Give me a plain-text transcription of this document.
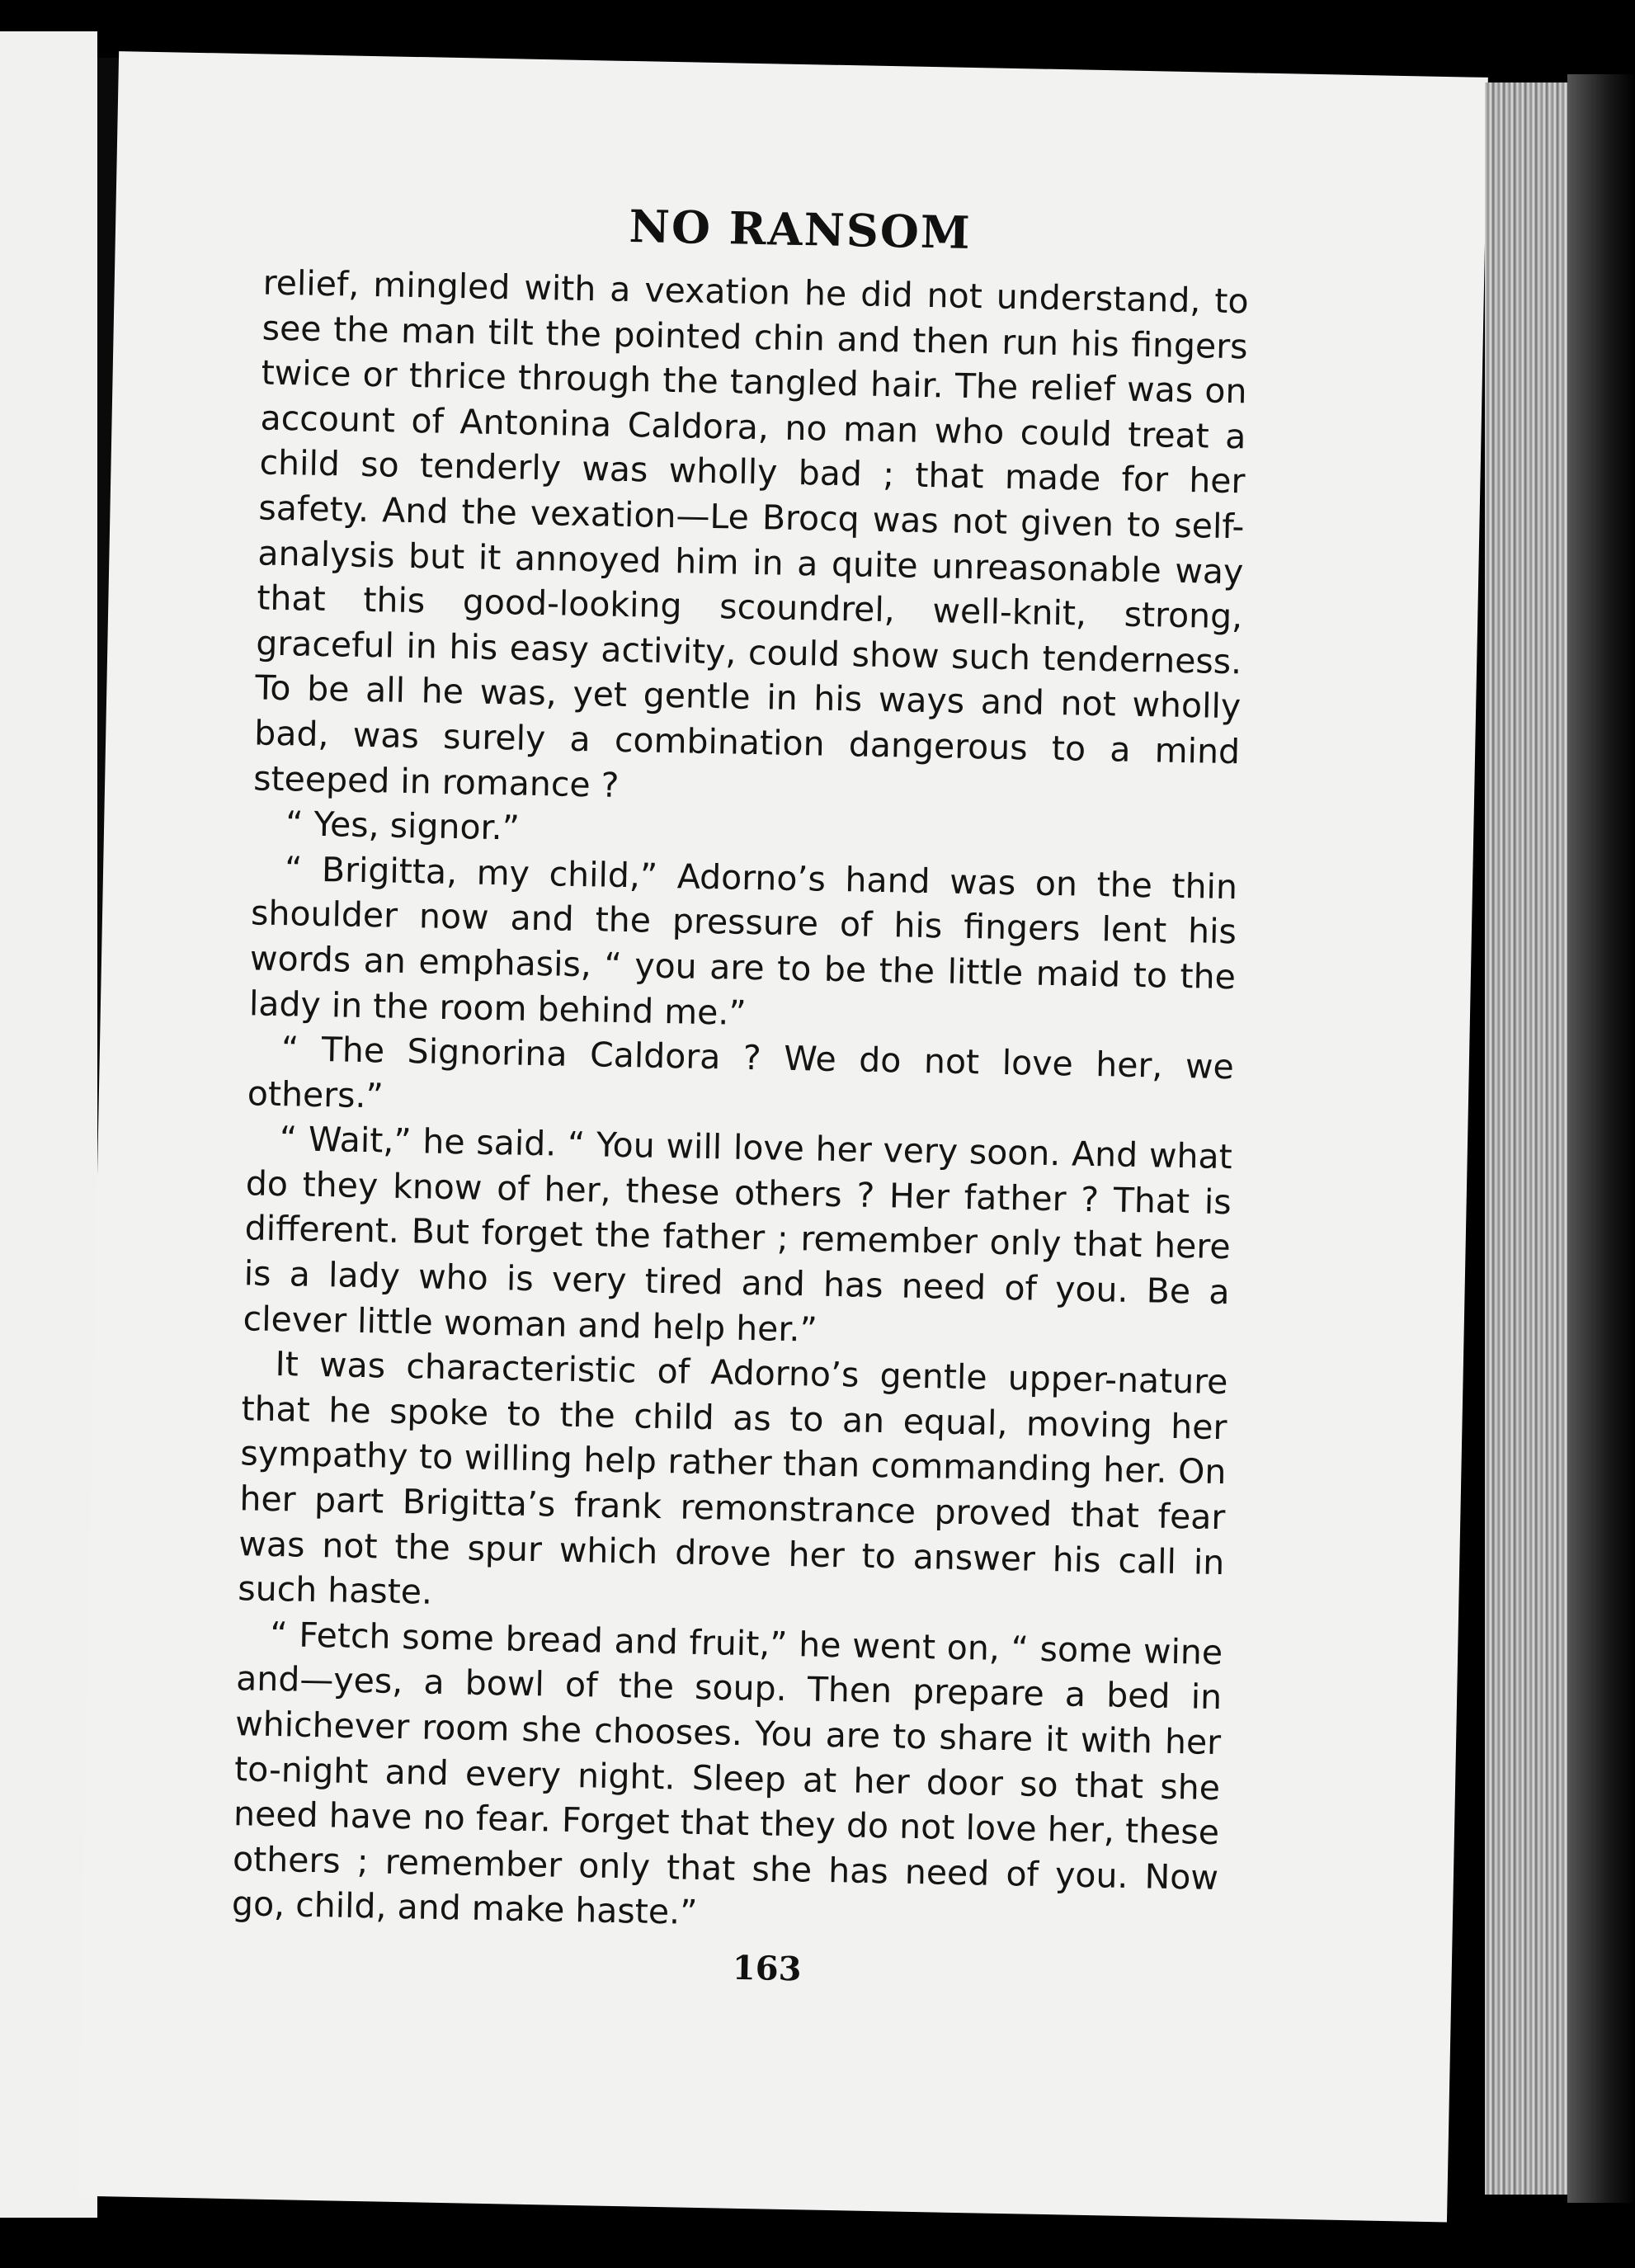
NO RANSOM

relief, mingled with a vexation he did not understand, to see the man tilt the pointed chin and then run his fingers twice or thrice through the tangled hair. The relief was on account of Antonina Caldora, no man who could treat a child so tenderly was wholly bad ; that made for her safety. And the vexation—Le Brocq was not given to self-analysis but it annoyed him in a quite unreasonable way that this good-looking scoundrel, well-knit, strong, graceful in his easy activity, could show such tenderness. To be all he was, yet gentle in his ways and not wholly bad, was surely a combination dangerous to a mind steeped in romance ?

“ Yes, signor.”

“ Brigitta, my child,” Adorno’s hand was on the thin shoulder now and the pressure of his fingers lent his words an emphasis, “ you are to be the little maid to the lady in the room behind me.”

“ The Signorina Caldora ? We do not love her, we others.”

“ Wait,” he said. “ You will love her very soon. And what do they know of her, these others ? Her father ? That is different. But forget the father ; remember only that here is a lady who is very tired and has need of you. Be a clever little woman and help her.”

It was characteristic of Adorno’s gentle upper-nature that he spoke to the child as to an equal, moving her sympathy to willing help rather than commanding her. On her part Brigitta’s frank remonstrance proved that fear was not the spur which drove her to answer his call in such haste.

“ Fetch some bread and fruit,” he went on, “ some wine and—yes, a bowl of the soup. Then prepare a bed in whichever room she chooses. You are to share it with her to-night and every night. Sleep at her door so that she need have no fear. Forget that they do not love her, these others ; remember only that she has need of you. Now go, child, and make haste.”

163
